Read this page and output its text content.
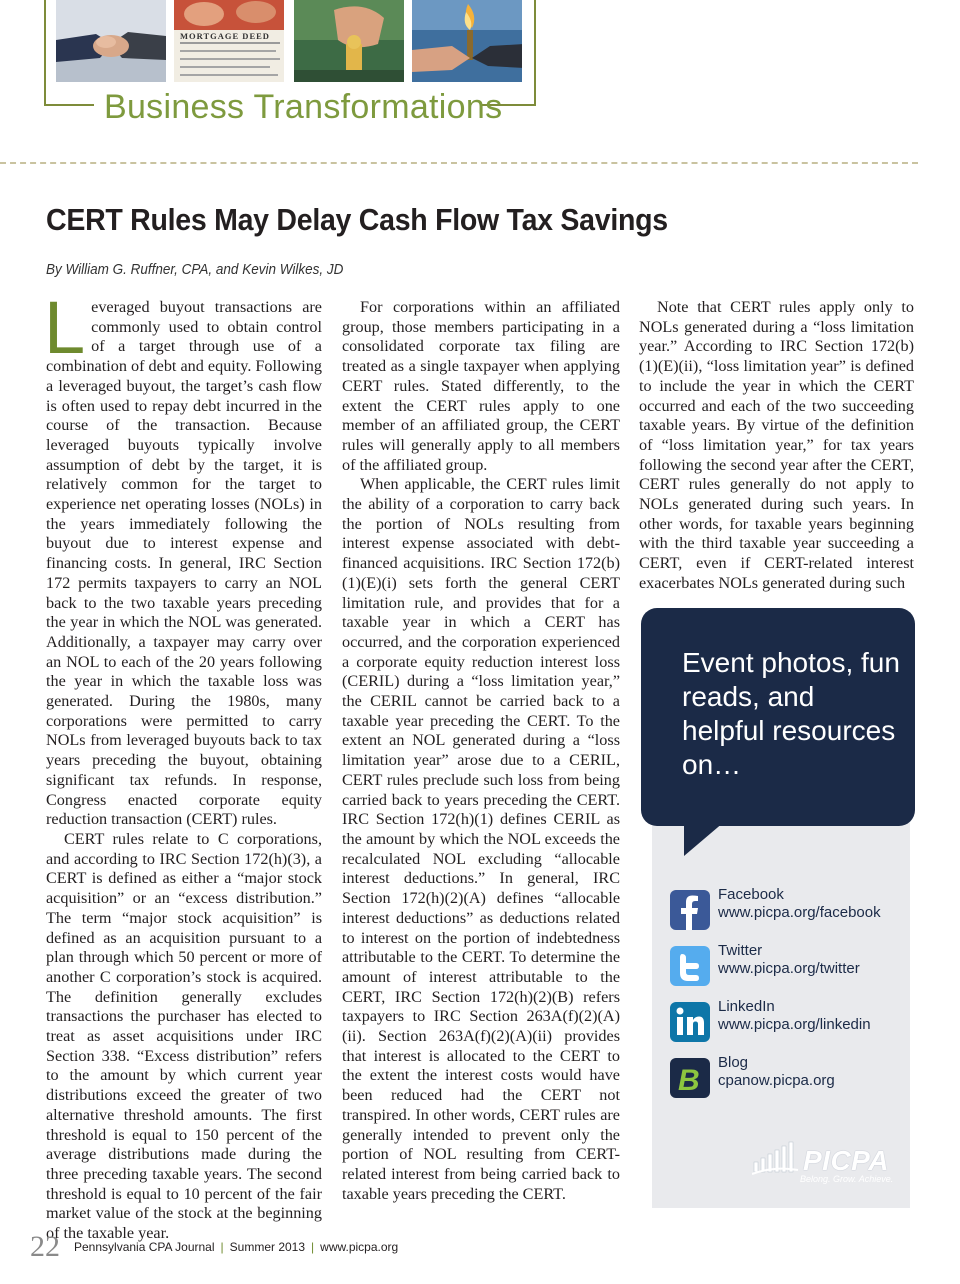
MORTGAGE DEED
Business Transformations
CERT Rules May Delay Cash Flow Tax Savings
By William G. Ruffner, CPA, and Kevin Wilkes, JD

Leveraged buyout transactions are commonly used to obtain control of a target through use of a combination of debt and equity. Following a leveraged buyout, the target’s cash flow is often used to repay debt incurred in the course of the transaction. Because leveraged buyouts typically involve assumption of debt by the target, it is relatively common for the target to experience net operating losses (NOLs) in the years immediately following the buyout due to interest expense and financing costs. In general, IRC Section 172 permits taxpayers to carry an NOL back to the two taxable years preceding the year in which the NOL was generated. Additionally, a taxpayer may carry over an NOL to each of the 20 years following the year in which the taxable loss was generated. During the 1980s, many corporations were permitted to carry NOLs from leveraged buyouts back to tax years preceding the buyout, obtaining significant tax refunds. In response, Congress enacted corporate equity reduction transaction (CERT) rules.

CERT rules relate to C corporations, and according to IRC Section 172(h)(3), a CERT is defined as either a “major stock acquisition” or an “excess distribution.” The term “major stock acquisition” is defined as an acquisition pursuant to a plan through which 50 percent or more of another C corporation’s stock is acquired. The definition generally excludes transactions the purchaser has elected to treat as asset acquisitions under IRC Section 338. “Excess distribution” refers to the amount by which current year distributions exceed the greater of two alternative threshold amounts. The first threshold is equal to 150 percent of the average distributions made during the three preceding taxable years. The second threshold is equal to 10 percent of the fair market value of the stock at the beginning of the taxable year.

For corporations within an affiliated group, those members participating in a consolidated corporate tax filing are treated as a single taxpayer when applying CERT rules. Stated differently, to the extent the CERT rules apply to one member of an affiliated group, the CERT rules will generally apply to all members of the affiliated group.

When applicable, the CERT rules limit the ability of a corporation to carry back the portion of NOLs resulting from interest expense associated with debt-financed acquisitions. IRC Section 172(b)(1)(E)(i) sets forth the general CERT limitation rule, and provides that for a taxable year in which a CERT has occurred, and the corporation experienced a corporate equity reduction interest loss (CERIL) during a “loss limitation year,” the CERIL cannot be carried back to a taxable year preceding the CERT. To the extent an NOL generated during a “loss limitation year” arose due to a CERIL, CERT rules preclude such loss from being carried back to years preceding the CERT. IRC Section 172(h)(1) defines CERIL as the amount by which the NOL exceeds the recalculated NOL excluding “allocable interest deductions.” In general, IRC Section 172(h)(2)(A) defines “allocable interest deductions” as deductions related to interest on the portion of indebtedness attributable to the CERT. To determine the amount of interest attributable to the CERT, IRC Section 172(h)(2)(B) refers taxpayers to IRC Section 263A(f)(2)(A)(ii). Section 263A(f)(2)(A)(ii) provides that interest is allocated to the CERT to the extent the interest costs would have been reduced had the CERT not transpired. In other words, CERT rules are generally intended to prevent only the portion of NOL resulting from CERT-related interest from being carried back to taxable years preceding the CERT.

Note that CERT rules apply only to NOLs generated during a “loss limitation year.” According to IRC Section 172(b)(1)(E)(ii), “loss limitation year” is defined to include the year in which the CERT occurred and each of the two succeeding taxable years. By virtue of the definition of “loss limitation year,” for tax years following the second year after the CERT, CERT rules generally do not apply to NOLs generated during such years. In other words, for taxable years beginning with the third taxable year succeeding a CERT, even if CERT-related interest exacerbates NOLs generated during such

Event photos, fun reads, and helpful resources on…
Facebook
www.picpa.org/facebook
Twitter
www.picpa.org/twitter
LinkedIn
www.picpa.org/linkedin
B
Blog
cpanow.picpa.org
PICPA
Belong. Grow. Achieve.
22 Pennsylvania CPA Journal | Summer 2013 | www.picpa.org
